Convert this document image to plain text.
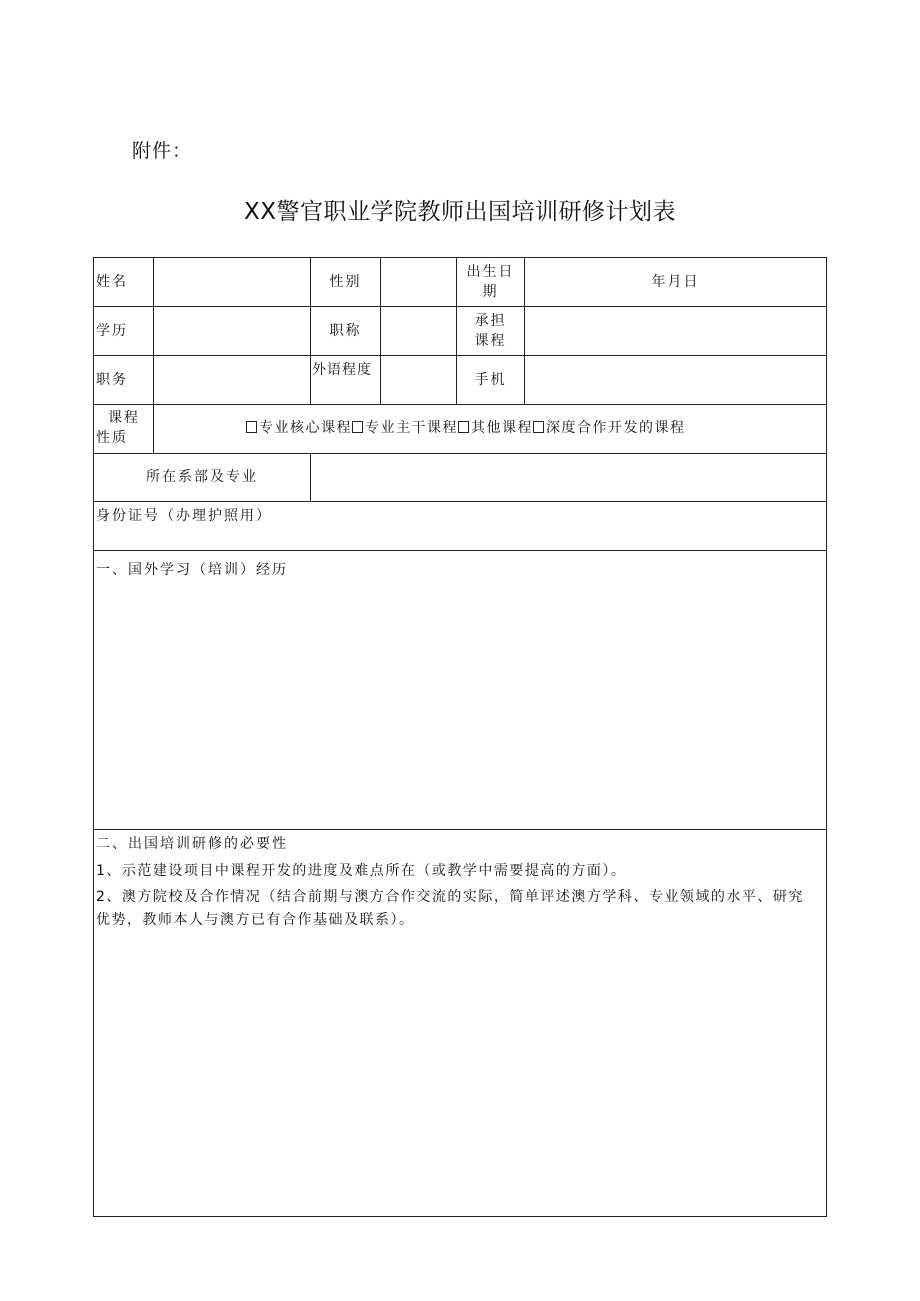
附件：
XX警官职业学院教师出国培训研修计划表
姓名	性别
出生日
期
年月日
学历	职称
承担
课程
职务
外语程度
手机
课程
性质
专业核心课程 专业主干课程 其他课程 深度合作开发的课程
所在系部及专业
身份证号（办理护照用）
一、国外学习（培训）经历
二、出国培训研修的必要性
1、示范建设项目中课程开发的进度及难点所在（或教学中需要提高的方面）。
2、澳方院校及合作情况（结合前期与澳方合作交流的实际，简单评述澳方学科、专业领域的水平、研究优势，教师本人与澳方已有合作基础及联系）。
